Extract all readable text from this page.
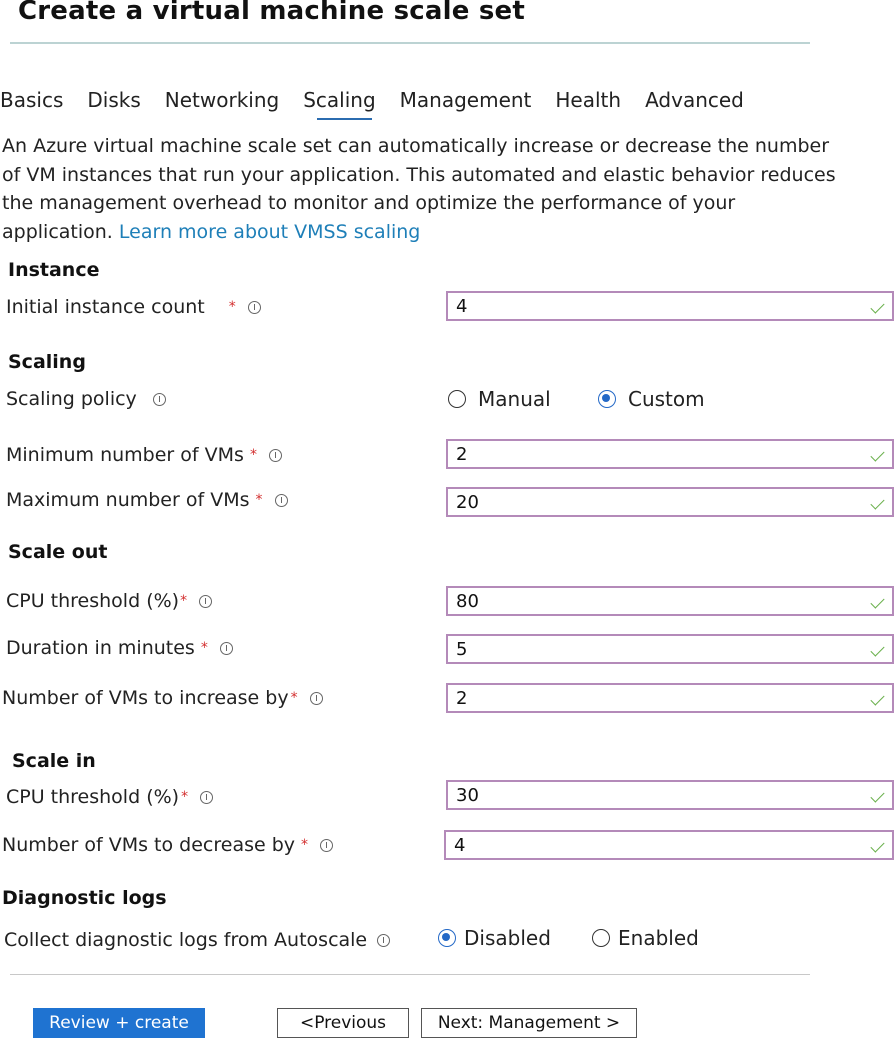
Create a virtual machine scale set
Basics Disks Networking Scaling Management Health Advanced
An Azure virtual machine scale set can automatically increase or decrease the number of VM instances that run your application. This automated and elastic behavior reduces the management overhead to monitor and optimize the performance of your application. Learn more about VMSS scaling
Instance
Initial instance count *	4
Scaling
Scaling policy	Manual	Custom
Minimum number of VMs *	2
Maximum number of VMs *	20
Scale out
CPU threshold (%) *	80
Duration in minutes *	5
Number of VMs to increase by *	2
Scale in
CPU threshold (%) *	30
Number of VMs to decrease by *	4
Diagnostic logs
Collect diagnostic logs from Autoscale	Disabled	Enabled
Review + create	<Previous	Next: Management >
